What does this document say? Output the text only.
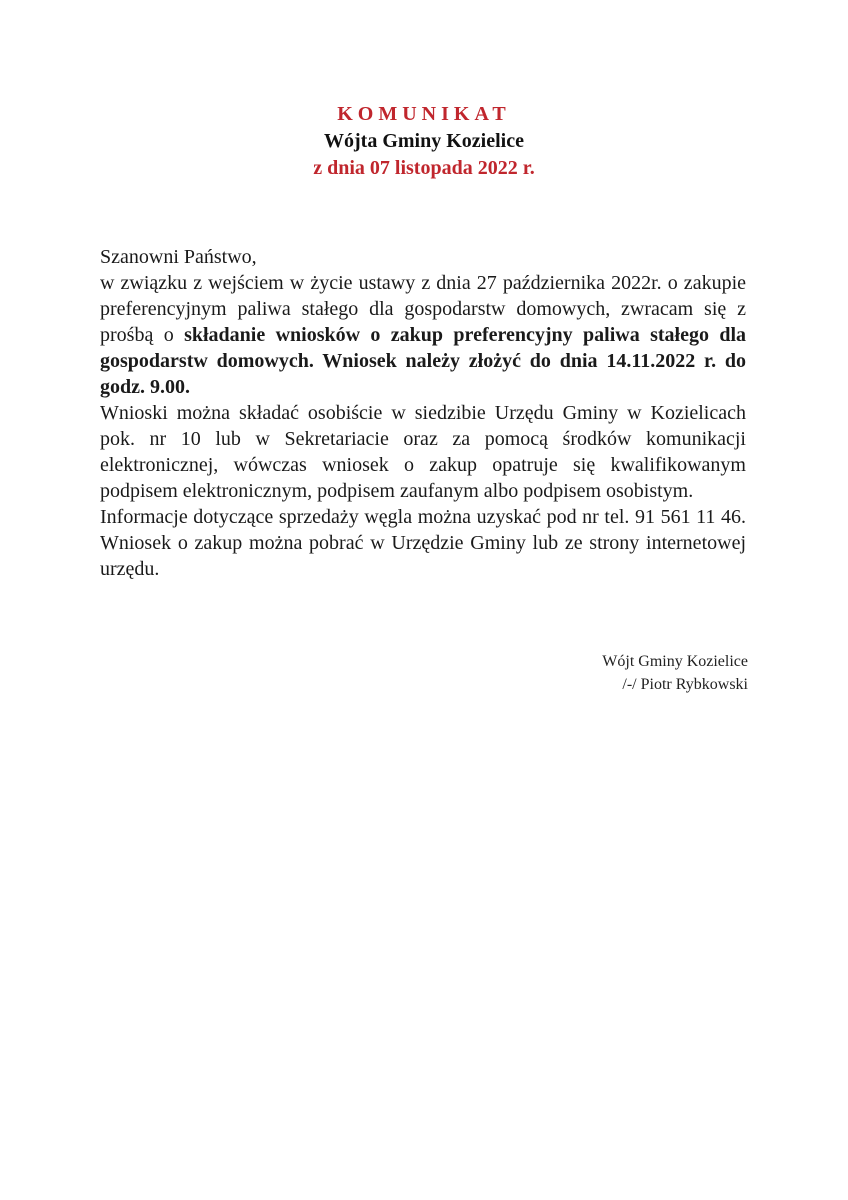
KOMUNIKAT
Wójta Gminy Kozielice
z dnia 07 listopada 2022 r.

Szanowni Państwo,

w związku z wejściem w życie ustawy z dnia 27 października 2022r. o zakupie preferencyjnym paliwa stałego dla gospodarstw domowych, zwracam się z prośbą o składanie wniosków o zakup preferencyjny paliwa stałego dla gospodarstw domowych. Wniosek należy złożyć do dnia 14.11.2022 r. do godz. 9.00.

Wnioski można składać osobiście w siedzibie Urzędu Gminy w Kozielicach pok. nr 10 lub w Sekretariacie oraz za pomocą środków komunikacji elektronicznej, wówczas wniosek o zakup opatruje się kwalifikowanym podpisem elektronicznym, podpisem zaufanym albo podpisem osobistym.

Informacje dotyczące sprzedaży węgla można uzyskać pod nr tel. 91 561 11 46. Wniosek o zakup można pobrać w Urzędzie Gminy lub ze strony internetowej urzędu.

Wójt Gminy Kozielice
/-/ Piotr Rybkowski
